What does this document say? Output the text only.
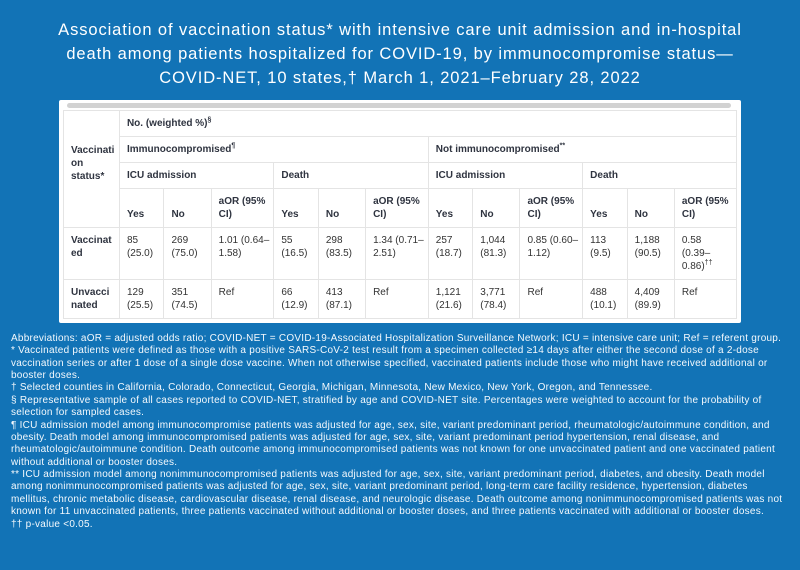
Association of vaccination status* with intensive care unit admission and in-hospital death among patients hospitalized for COVID-19, by immunocompromise status—COVID-NET, 10 states,† March 1, 2021–February 28, 2022
Vaccination status*	No. (weighted %)§
	Immunocompromised¶						Not immunocompromised**
	ICU admission			Death			ICU admission			Death		
	Yes	No	aOR (95% CI)	Yes	No	aOR (95% CI)	Yes	No	aOR (95% CI)	Yes	No	aOR (95% CI)
Vaccinated	85 (25.0)	269 (75.0)	1.01 (0.64– 1.58)	55 (16.5)	298 (83.5)	1.34 (0.71– 2.51)	257 (18.7)	1,044 (81.3)	0.85 (0.60– 1.12)	113 (9.5)	1,188 (90.5)	0.58 (0.39– 0.86)††
Unvaccinated	129 (25.5)	351 (74.5)	Ref	66 (12.9)	413 (87.1)	Ref	1,121 (21.6)	3,771 (78.4)	Ref	488 (10.1)	4,409 (89.9)	Ref

Abbreviations: aOR = adjusted odds ratio; COVID-NET = COVID-19-Associated Hospitalization Surveillance Network; ICU = intensive care unit; Ref = referent group.

* Vaccinated patients were defined as those with a positive SARS-CoV-2 test result from a specimen collected ≥14 days after either the second dose of a 2-dose vaccination series or after 1 dose of a single dose vaccine. When not otherwise specified, vaccinated patients include those who might have received additional or booster doses.

† Selected counties in California, Colorado, Connecticut, Georgia, Michigan, Minnesota, New Mexico, New York, Oregon, and Tennessee.

§ Representative sample of all cases reported to COVID-NET, stratified by age and COVID-NET site. Percentages were weighted to account for the probability of selection for sampled cases.

¶ ICU admission model among immunocompromise patients was adjusted for age, sex, site, variant predominant period, rheumatologic/autoimmune condition, and obesity. Death model among immunocompromised patients was adjusted for age, sex, site, variant predominant period hypertension, renal disease, and rheumatologic/autoimmune condition. Death outcome among immunocompromised patients was not known for one unvaccinated patient and one vaccinated patient without additional or booster doses.

** ICU admission model among nonimmunocompromised patients was adjusted for age, sex, site, variant predominant period, diabetes, and obesity. Death model among nonimmunocompromised patients was adjusted for age, sex, site, variant predominant period, long-term care facility residence, hypertension, diabetes mellitus, chronic metabolic disease, cardiovascular disease, renal disease, and neurologic disease. Death outcome among nonimmunocompromised patients was not known for 11 unvaccinated patients, three patients vaccinated without additional or booster doses, and three patients vaccinated with additional or booster doses.

†† p-value <0.05.
